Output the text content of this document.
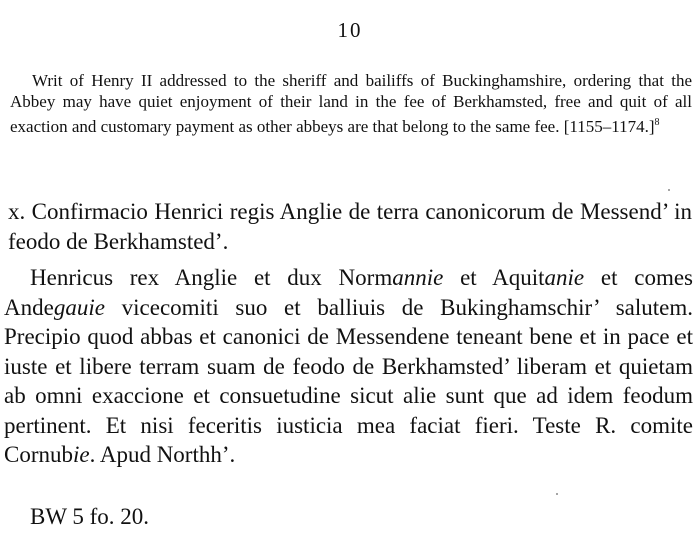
10

Writ of Henry II addressed to the sheriff and bailiffs of Buckinghamshire, ordering that the Abbey may have quiet enjoyment of their land in the fee of Berkhamsted, free and quit of all exaction and customary payment as other abbeys are that belong to the same fee. $[1155-1174.]^8$

x. Confirmacio Henrici regis Anglie de terra canonicorum de Messend’ in feodo de Berkhamsted’.

Henricus rex Anglie et dux Normannie et Aquitanie et comes Andegauie vicecomiti suo et balliuis de Bukinghamschir’ salutem. Precipio quod abbas et canonici de Messendene teneant bene et in pace et iuste et libere terram suam de feodo de Berkhamsted’ liberam et quietam ab omni exaccione et consuetudine sicut alie sunt que ad idem feodum pertinent. Et nisi feceritis iusticia mea faciat fieri. Teste R. comite Cornubie. Apud Northh’.

BW 5 fo. 20.
